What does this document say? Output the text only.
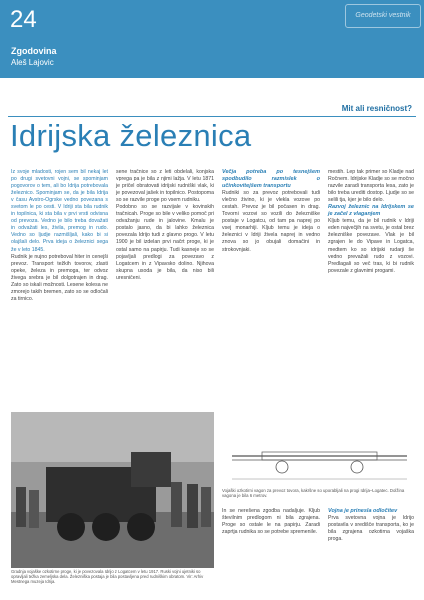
24
Zgodovina
Aleš Lajovic
Geodetski vestnik
Mit ali resničnost?
Idrijska železnica

Iz svoje mladosti, rojen sem bil nekaj let po drugi svetovni vojni, se spominjam pogovorov o tem, ali bo Idrija potrebovala železnico. Spominjam se, da je bila Idrija v času Avstro-Ogrske vedno povezana s svetom le po cesti. V Idriji sta bila rudnik in topilnica, ki sta bila v prvi vrsti odvisna od prevoza. Vedno je bilo treba dovažati in odvažati les, živila, premog in rudo. Vedno so ljudje razmišljali, kako bi si olajšali delo. Prva ideja o železnici sega že v leto 1845.

Rudnik je nujno potreboval hiter in cenejši prevoz. Transport težkih tovorov, zlasti opeke, železa in premoga, ter odvoz živega srebra je bil dolgotrajen in drag. Zato so iskali možnosti. Lesene kolesa ne zmorejo takih bremen, zato so se odločali za tirnico.

sene tračnice so z leti obdelali, konjska vprega pa je bila z njimi lažja. V letu 1871 je pričel obratovati idrijski rudniški vlak, ki je povezoval jašek in topilnico. Postopoma so se razvile proge po vsem rudniku.

Podobno so se razvijale v kovinskih tračnicah. Proge so bile v veliko pomoč pri odvažanju rude in jalovine. Kmalu je postalo jasno, da bi lahko železnica povezala Idrijo tudi z glavno progo. V letu 1900 je bil izdelan prvi načrt proge, ki je ostal samo na papirju. Tudi kasneje so se pojavljali predlogi za povezavo z Logatcem in z Vipavsko dolino. Njihova skupna usoda je bila, da niso bili uresničeni.

Večja potreba po tesnejšem spodbudilo razmislek o učinkovitejšem transportu

Rudniki so za prevoz potrebovali tudi vlečno živino, ki je vlekla vozove po cestah. Prevoz je bil počasen in drag. Tovorni vozovi so vozili do železniške postaje v Logatcu, od tam pa naprej po vsej monarhiji. Kljub temu je ideja o železnici v Idriji živela naprej in vedno znova so jo obujali domačini in strokovnjaki.

mestih. Lep tak primer so Kladje nad Ročnem. Idrijske Kladje so se močno razvile zaradi transporta lesa, zato je bilo treba urediti dostop. Ljudje so se selili tja, kjer je bilo delo.

Razvoj železnic na Idrijskem se je začel z vlaganjem

Kljub temu, da je bil rudnik v Idriji eden največjih na svetu, je ostal brez železniške povezave. Vlak je bil zgrajen le do Vipave in Logatca, medtem ko so idrijski rudarji še vedno prevažali rudo z vozovi. Predlagali so več tras, ki bi rudnik povezale z glavnimi progami.

Gradnja vojaške ozkotirne proge, ki je povezovala Idrijo z Logatcem v letu 1917. Ruski vojni ujetniki so opravljali težka zemeljska dela. Železniška postaja je bila postavljena pred rudniškim obratom. Vir: Arhiv Mestnega muzeja Idrija.
Vojaški ozkotirni vagon za prevoz tovora, kakršne so uporabljali na progi Idrija–Logatec. Dolžina vagona je bila 6 metrov.

In se nerešena zgodba nadaljuje. Kljub številnim predlogom ni bila zgrajena. Proge so ostale le na papirju. Zaradi zaprtja rudnika so se potrebe spremenile.

Vojna je prinesla odločitev

Prva svetovna vojna je Idrijo postavila v središče transporta, ko je bila zgrajena ozkotirna vojaška proga.
